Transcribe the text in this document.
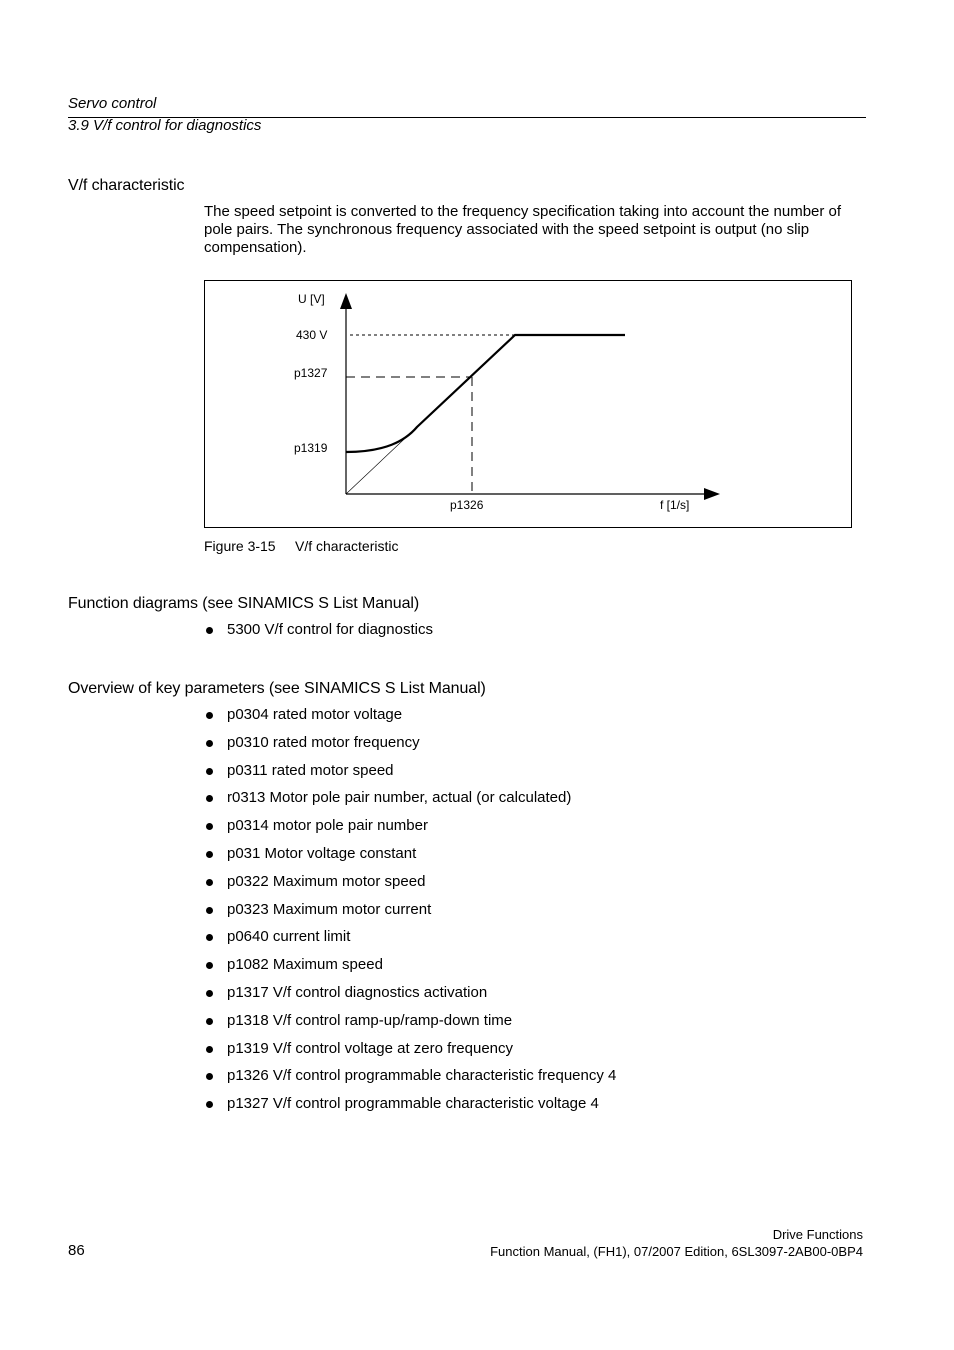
Servo control
3.9 V/f control for diagnostics
V/f characteristic
The speed setpoint is converted to the frequency specification taking into account the number of pole pairs. The synchronous frequency associated with the speed setpoint is output (no slip compensation).
U [V]
430 V
p1327
p1319
p1326	f [1/s]
Figure 3-15 V/f characteristic
Function diagrams (see SINAMICS S List Manual)
5300 V/f control for diagnostics
Overview of key parameters (see SINAMICS S List Manual)
p0304 rated motor voltage
p0310 rated motor frequency
p0311 rated motor speed
r0313 Motor pole pair number, actual (or calculated)
p0314 motor pole pair number
p031 Motor voltage constant
p0322 Maximum motor speed
p0323 Maximum motor current
p0640 current limit
p1082 Maximum speed
p1317 V/f control diagnostics activation
p1318 V/f control ramp-up/ramp-down time
p1319 V/f control voltage at zero frequency
p1326 V/f control programmable characteristic frequency 4
p1327 V/f control programmable characteristic voltage 4
Drive Functions
Function Manual, (FH1), 07/2007 Edition, 6SL3097-2AB00-0BP4
86
